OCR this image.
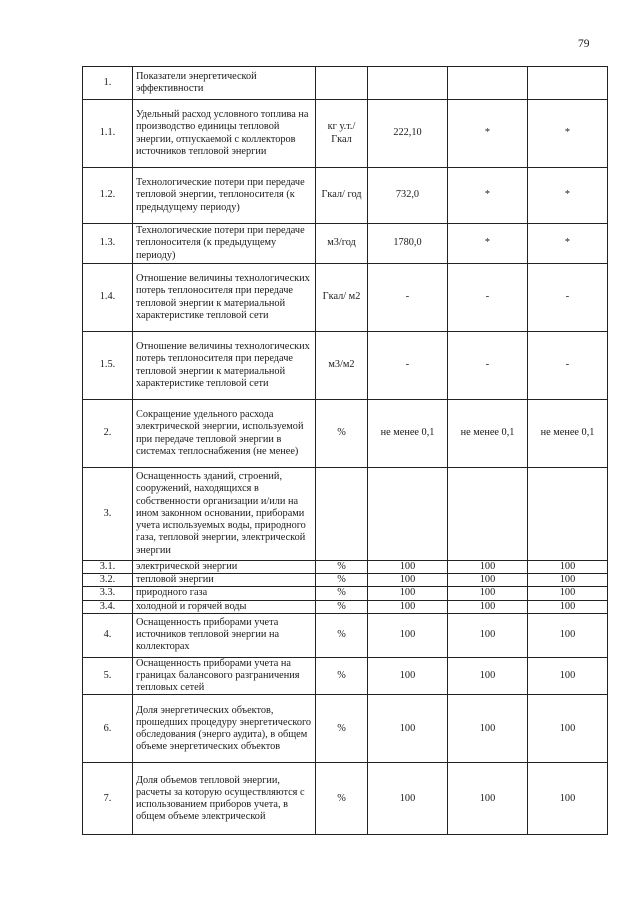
79
1.	Показатели энергетической эффективности				
1.1.	Удельный расход условного топлива на производство единицы тепловой энергии, отпускаемой с коллекторов источников тепловой энергии	кг у.т./ Гкал	222,10	*	*
1.2.	Технологические потери при передаче тепловой энергии, теплоносителя (к предыдущему периоду)	Гкал/ год	732,0	*	*
1.3.	Технологические потери при передаче теплоносителя (к предыдущему периоду)	м3/год	1780,0	*	*
1.4.	Отношение величины технологических потерь теплоносителя при передаче тепловой энергии к материальной характеристике тепловой сети	Гкал/ м2	-	-	-
1.5.	Отношение величины технологических потерь теплоносителя при передаче тепловой энергии к материальной характеристике тепловой сети	м3/м2	-	-	-
2.	Сокращение удельного расхода электрической энергии, используемой при передаче тепловой энергии в системах теплоснабжения (не менее)	%	не менее 0,1	не менее 0,1	не менее 0,1
3.	Оснащенность зданий, строений, сооружений, находящихся в собственности организации и/или на ином законном основании, приборами учета используемых воды, природного газа, тепловой энергии, электрической энергии				
3.1.	электрической энергии	%	100	100	100
3.2.	тепловой энергии	%	100	100	100
3.3.	природного газа	%	100	100	100
3.4.	холодной и горячей воды	%	100	100	100
4.	Оснащенность приборами учета источников тепловой энергии на коллекторах	%	100	100	100
5.	Оснащенность приборами учета на границах балансового разграничения тепловых сетей	%	100	100	100
6.	Доля энергетических объектов, прошедших процедуру энергетического обследования (энерго аудита), в общем объеме энергетических объектов	%	100	100	100
7.	Доля объемов тепловой энергии, расчеты за которую осуществляются с использованием приборов учета, в общем объеме электрической	%	100	100	100
